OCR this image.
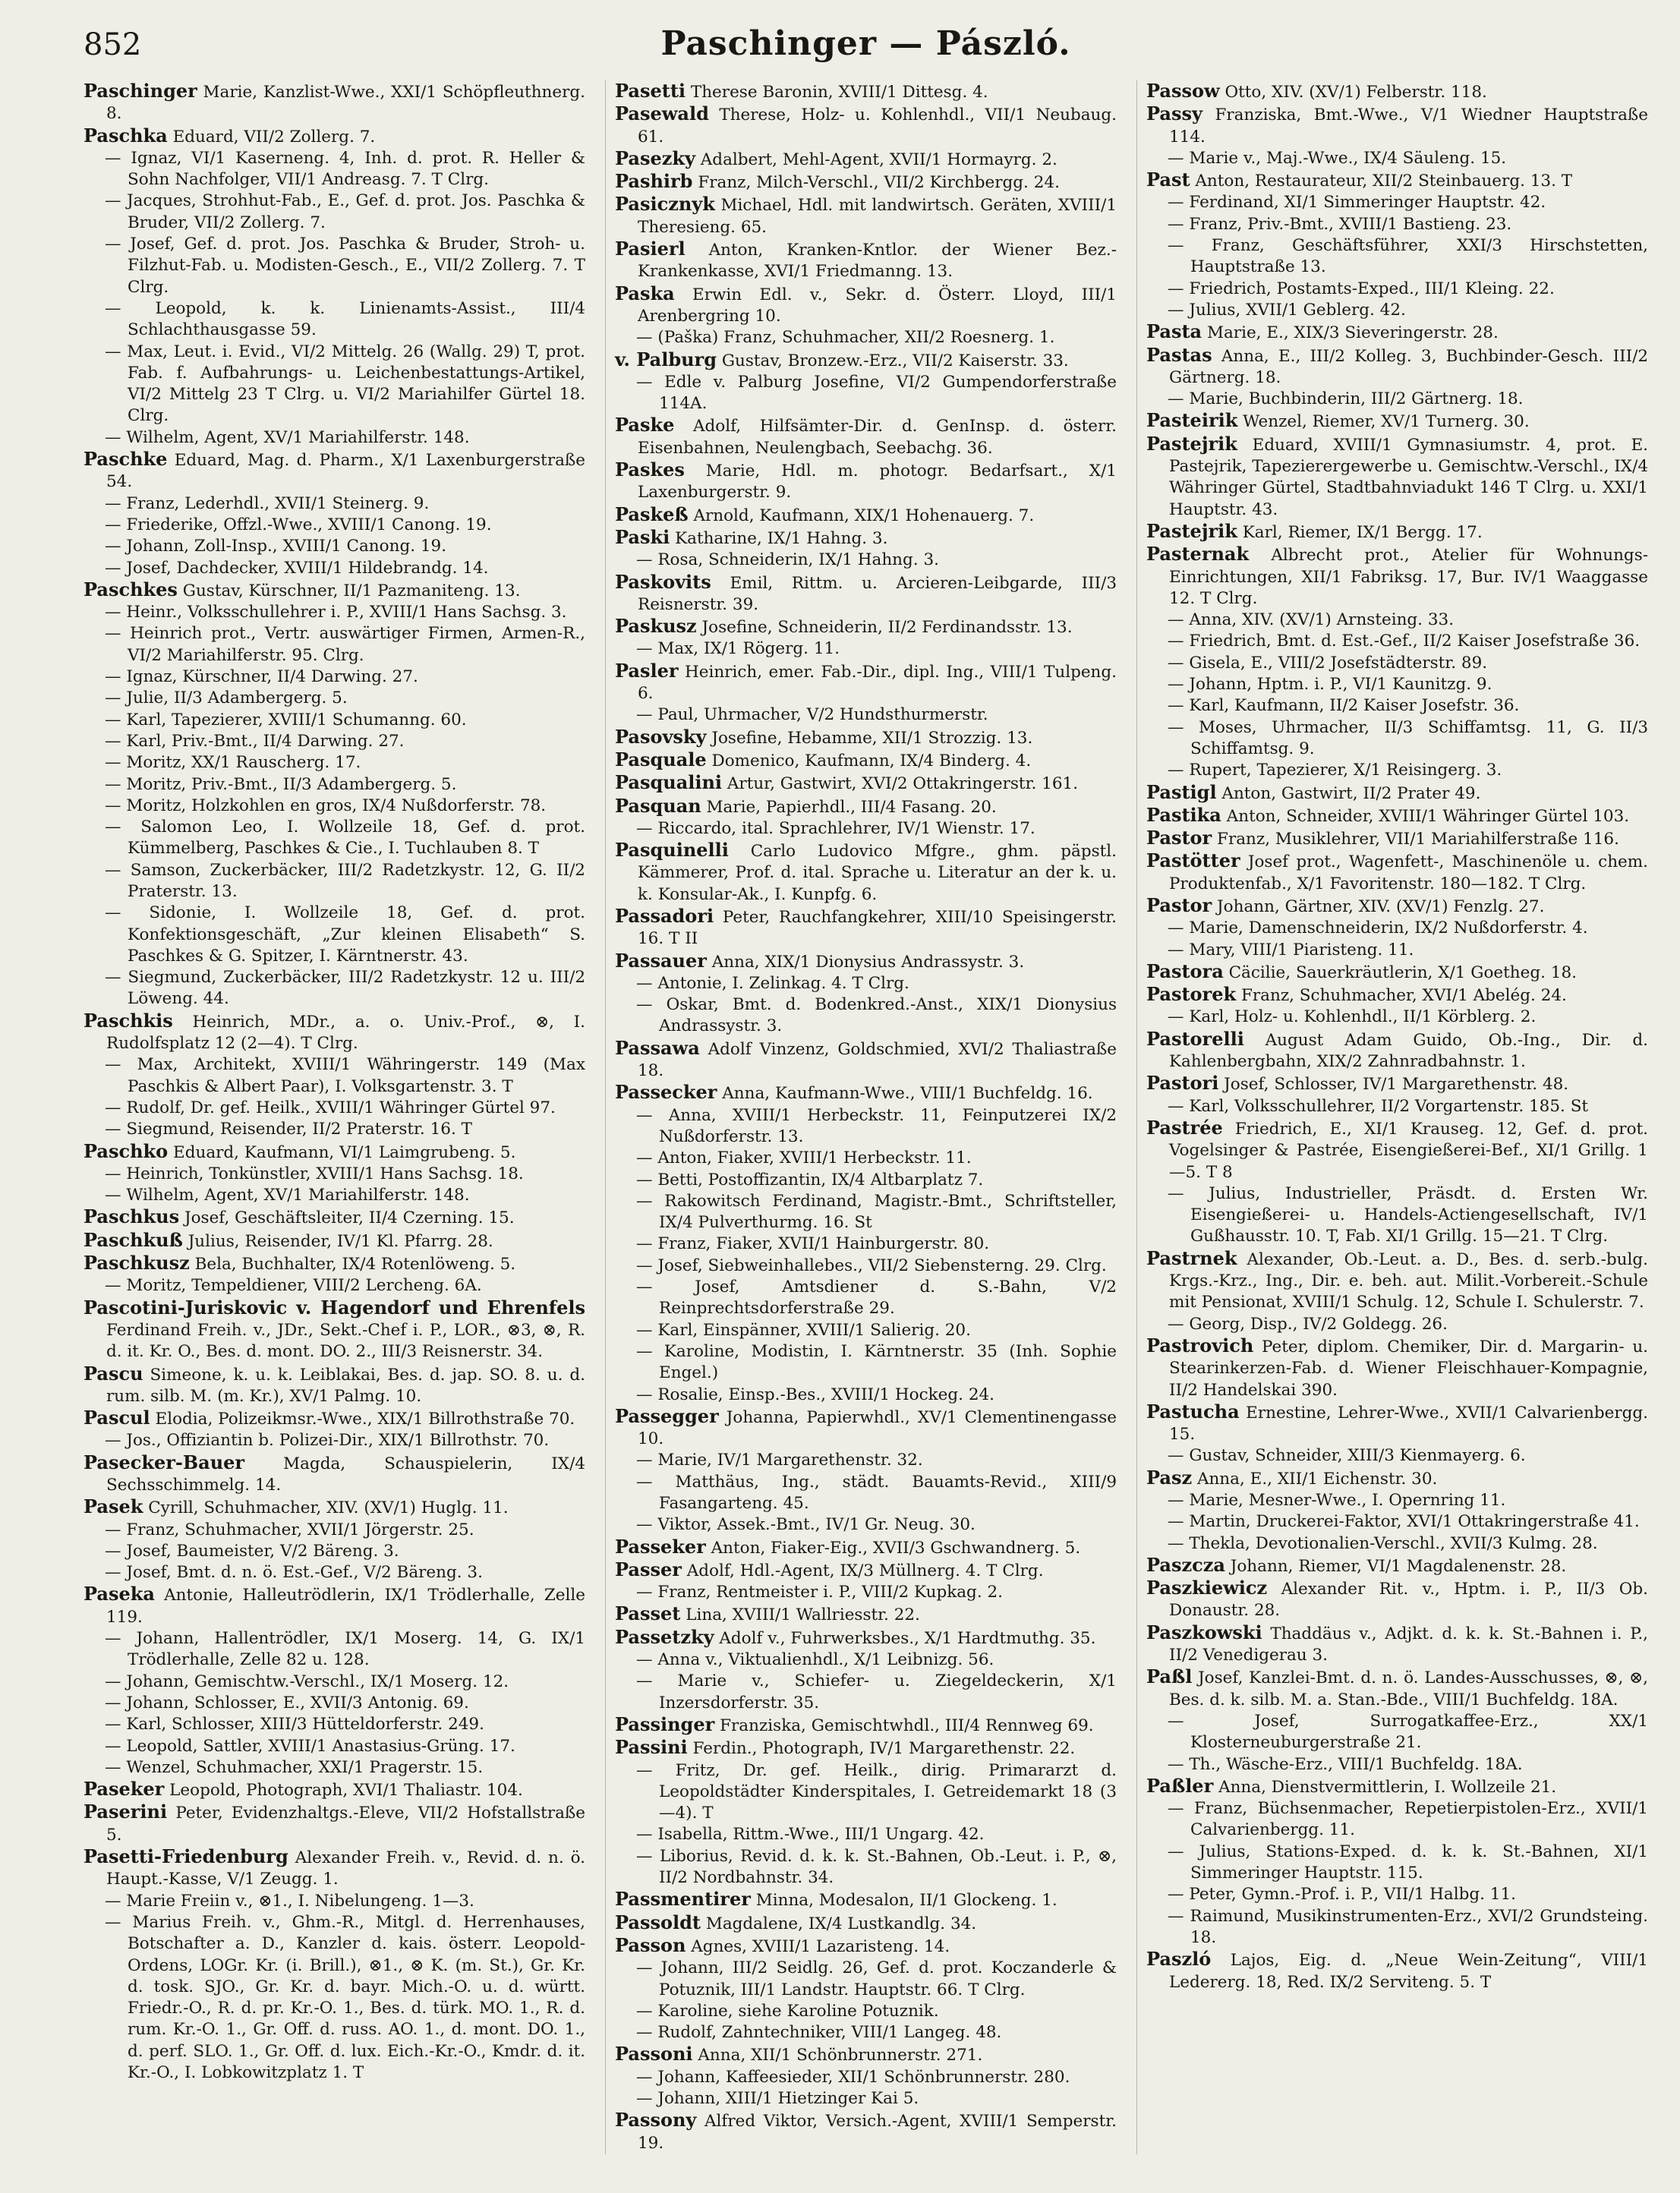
852	Paschinger — Pászló.

Paschinger Marie, Kanzlist-Wwe., XXI/1 Schöpfleuthnerg. 8.

Paschka Eduard, VII/2 Zollerg. 7.

— Ignaz, VI/1 Kaserneng. 4, Inh. d. prot. R. Heller & Sohn Nachfolger, VII/1 Andreasg. 7. T Clrg.

— Jacques, Strohhut-Fab., E., Gef. d. prot. Jos. Paschka & Bruder, VII/2 Zollerg. 7.

— Josef, Gef. d. prot. Jos. Paschka & Bruder, Stroh- u. Filzhut-Fab. u. Modisten-Gesch., E., VII/2 Zollerg. 7. T Clrg.

— Leopold, k. k. Linienamts-Assist., III/4 Schlachthausgasse 59.

— Max, Leut. i. Evid., VI/2 Mittelg. 26 (Wallg. 29) T, prot. Fab. f. Aufbahrungs- u. Leichenbestattungs-Artikel, VI/2 Mittelg 23 T Clrg. u. VI/2 Mariahilfer Gürtel 18. Clrg.

— Wilhelm, Agent, XV/1 Mariahilferstr. 148.

Paschke Eduard, Mag. d. Pharm., X/1 Laxenburgerstraße 54.

— Franz, Lederhdl., XVII/1 Steinerg. 9.

— Friederike, Offzl.-Wwe., XVIII/1 Canong. 19.

— Johann, Zoll-Insp., XVIII/1 Canong. 19.

— Josef, Dachdecker, XVIII/1 Hildebrandg. 14.

Paschkes Gustav, Kürschner, II/1 Pazmaniteng. 13.

— Heinr., Volksschullehrer i. P., XVIII/1 Hans Sachsg. 3.

— Heinrich prot., Vertr. auswärtiger Firmen, Armen-R., VI/2 Mariahilferstr. 95. Clrg.

— Ignaz, Kürschner, II/4 Darwing. 27.

— Julie, II/3 Adambergerg. 5.

— Karl, Tapezierer, XVIII/1 Schumanng. 60.

— Karl, Priv.-Bmt., II/4 Darwing. 27.

— Moritz, XX/1 Rauscherg. 17.

— Moritz, Priv.-Bmt., II/3 Adambergerg. 5.

— Moritz, Holzkohlen en gros, IX/4 Nußdorferstr. 78.

— Salomon Leo, I. Wollzeile 18, Gef. d. prot. Kümmelberg, Paschkes & Cie., I. Tuchlauben 8. T

— Samson, Zuckerbäcker, III/2 Radetzkystr. 12, G. II/2 Praterstr. 13.

— Sidonie, I. Wollzeile 18, Gef. d. prot. Konfektionsgeschäft, „Zur kleinen Elisabeth“ S. Paschkes & G. Spitzer, I. Kärntnerstr. 43.

— Siegmund, Zuckerbäcker, III/2 Radetzkystr. 12 u. III/2 Löweng. 44.

Paschkis Heinrich, MDr., a. o. Univ.-Prof., ⊗, I. Rudolfsplatz 12 (2—4). T Clrg.

— Max, Architekt, XVIII/1 Währingerstr. 149 (Max Paschkis & Albert Paar), I. Volksgartenstr. 3. T

— Rudolf, Dr. gef. Heilk., XVIII/1 Währinger Gürtel 97.

— Siegmund, Reisender, II/2 Praterstr. 16. T

Paschko Eduard, Kaufmann, VI/1 Laimgrubeng. 5.

— Heinrich, Tonkünstler, XVIII/1 Hans Sachsg. 18.

— Wilhelm, Agent, XV/1 Mariahilferstr. 148.

Paschkus Josef, Geschäftsleiter, II/4 Czerning. 15.

Paschkuß Julius, Reisender, IV/1 Kl. Pfarrg. 28.

Paschkusz Bela, Buchhalter, IX/4 Rotenlöweng. 5.

— Moritz, Tempeldiener, VIII/2 Lercheng. 6A.

Pascotini-Juriskovic v. Hagendorf und Ehrenfels Ferdinand Freih. v., JDr., Sekt.-Chef i. P., LOR., ⊗3, ⊗, R. d. it. Kr. O., Bes. d. mont. DO. 2., III/3 Reisnerstr. 34.

Pascu Simeone, k. u. k. Leiblakai, Bes. d. jap. SO. 8. u. d. rum. silb. M. (m. Kr.), XV/1 Palmg. 10.

Pascul Elodia, Polizeikmsr.-Wwe., XIX/1 Billrothstraße 70.

— Jos., Offiziantin b. Polizei-Dir., XIX/1 Billrothstr. 70.

Pasecker-Bauer Magda, Schauspielerin, IX/4 Sechsschimmelg. 14.

Pasek Cyrill, Schuhmacher, XIV. (XV/1) Huglg. 11.

— Franz, Schuhmacher, XVII/1 Jörgerstr. 25.

— Josef, Baumeister, V/2 Bäreng. 3.

— Josef, Bmt. d. n. ö. Est.-Gef., V/2 Bäreng. 3.

Paseka Antonie, Halleutrödlerin, IX/1 Trödlerhalle, Zelle 119.

— Johann, Hallentrödler, IX/1 Moserg. 14, G. IX/1 Trödlerhalle, Zelle 82 u. 128.

— Johann, Gemischtw.-Verschl., IX/1 Moserg. 12.

— Johann, Schlosser, E., XVII/3 Antonig. 69.

— Karl, Schlosser, XIII/3 Hütteldorferstr. 249.

— Leopold, Sattler, XVIII/1 Anastasius-Grüng. 17.

— Wenzel, Schuhmacher, XXI/1 Pragerstr. 15.

Paseker Leopold, Photograph, XVI/1 Thaliastr. 104.

Paserini Peter, Evidenzhaltgs.-Eleve, VII/2 Hofstallstraße 5.

Pasetti-Friedenburg Alexander Freih. v., Revid. d. n. ö. Haupt.-Kasse, V/1 Zeugg. 1.

— Marie Freiin v., ⊗1., I. Nibelungeng. 1—3.

— Marius Freih. v., Ghm.-R., Mitgl. d. Herrenhauses, Botschafter a. D., Kanzler d. kais. österr. Leopold-Ordens, LOGr. Kr. (i. Brill.), ⊗1., ⊗ K. (m. St.), Gr. Kr. d. tosk. SJO., Gr. Kr. d. bayr. Mich.-O. u. d. württ. Friedr.-O., R. d. pr. Kr.-O. 1., Bes. d. türk. MO. 1., R. d. rum. Kr.-O. 1., Gr. Off. d. russ. AO. 1., d. mont. DO. 1., d. perf. SLO. 1., Gr. Off. d. lux. Eich.-Kr.-O., Kmdr. d. it. Kr.-O., I. Lobkowitzplatz 1. T

Pasetti Therese Baronin, XVIII/1 Dittesg. 4.

Pasewald Therese, Holz- u. Kohlenhdl., VII/1 Neubaug. 61.

Pasezky Adalbert, Mehl-Agent, XVII/1 Hormayrg. 2.

Pashirb Franz, Milch-Verschl., VII/2 Kirchbergg. 24.

Pasicznyk Michael, Hdl. mit landwirtsch. Geräten, XVIII/1 Theresieng. 65.

Pasierl Anton, Kranken-Kntlor. der Wiener Bez.-Krankenkasse, XVI/1 Friedmanng. 13.

Paska Erwin Edl. v., Sekr. d. Österr. Lloyd, III/1 Arenbergring 10.

— (Paška) Franz, Schuhmacher, XII/2 Roesnerg. 1.

v. Palburg Gustav, Bronzew.-Erz., VII/2 Kaiserstr. 33.

— Edle v. Palburg Josefine, VI/2 Gumpendorferstraße 114A.

Paske Adolf, Hilfsämter-Dir. d. GenInsp. d. österr. Eisenbahnen, Neulengbach, Seebachg. 36.

Paskes Marie, Hdl. m. photogr. Bedarfsart., X/1 Laxenburgerstr. 9.

Paskeß Arnold, Kaufmann, XIX/1 Hohenauerg. 7.

Paski Katharine, IX/1 Hahng. 3.

— Rosa, Schneiderin, IX/1 Hahng. 3.

Paskovits Emil, Rittm. u. Arcieren-Leibgarde, III/3 Reisnerstr. 39.

Paskusz Josefine, Schneiderin, II/2 Ferdinandsstr. 13.

— Max, IX/1 Rögerg. 11.

Pasler Heinrich, emer. Fab.-Dir., dipl. Ing., VIII/1 Tulpeng. 6.

— Paul, Uhrmacher, V/2 Hundsthurmerstr.

Pasovsky Josefine, Hebamme, XII/1 Strozzig. 13.

Pasquale Domenico, Kaufmann, IX/4 Binderg. 4.

Pasqualini Artur, Gastwirt, XVI/2 Ottakringerstr. 161.

Pasquan Marie, Papierhdl., III/4 Fasang. 20.

— Riccardo, ital. Sprachlehrer, IV/1 Wienstr. 17.

Pasquinelli Carlo Ludovico Mfgre., ghm. päpstl. Kämmerer, Prof. d. ital. Sprache u. Literatur an der k. u. k. Konsular-Ak., I. Kunpfg. 6.

Passadori Peter, Rauchfangkehrer, XIII/10 Speisingerstr. 16. T II

Passauer Anna, XIX/1 Dionysius Andrassystr. 3.

— Antonie, I. Zelinkag. 4. T Clrg.

— Oskar, Bmt. d. Bodenkred.-Anst., XIX/1 Dionysius Andrassystr. 3.

Passawa Adolf Vinzenz, Goldschmied, XVI/2 Thaliastraße 18.

Passecker Anna, Kaufmann-Wwe., VIII/1 Buchfeldg. 16.

— Anna, XVIII/1 Herbeckstr. 11, Feinputzerei IX/2 Nußdorferstr. 13.

— Anton, Fiaker, XVIII/1 Herbeckstr. 11.

— Betti, Postoffizantin, IX/4 Altbarplatz 7.

— Rakowitsch Ferdinand, Magistr.-Bmt., Schriftsteller, IX/4 Pulverthurmg. 16. St

— Franz, Fiaker, XVII/1 Hainburgerstr. 80.

— Josef, Siebweinhallebes., VII/2 Siebensterng. 29. Clrg.

— Josef, Amtsdiener d. S.-Bahn, V/2 Reinprechtsdorferstraße 29.

— Karl, Einspänner, XVIII/1 Salierig. 20.

— Karoline, Modistin, I. Kärntnerstr. 35 (Inh. Sophie Engel.)

— Rosalie, Einsp.-Bes., XVIII/1 Hockeg. 24.

Passegger Johanna, Papierwhdl., XV/1 Clementinengasse 10.

— Marie, IV/1 Margarethenstr. 32.

— Matthäus, Ing., städt. Bauamts-Revid., XIII/9 Fasangarteng. 45.

— Viktor, Assek.-Bmt., IV/1 Gr. Neug. 30.

Passeker Anton, Fiaker-Eig., XVII/3 Gschwandnerg. 5.

Passer Adolf, Hdl.-Agent, IX/3 Müllnerg. 4. T Clrg.

— Franz, Rentmeister i. P., VIII/2 Kupkag. 2.

Passet Lina, XVIII/1 Wallriesstr. 22.

Passetzky Adolf v., Fuhrwerksbes., X/1 Hardtmuthg. 35.

— Anna v., Viktualienhdl., X/1 Leibnizg. 56.

— Marie v., Schiefer- u. Ziegeldeckerin, X/1 Inzersdorferstr. 35.

Passinger Franziska, Gemischtwhdl., III/4 Rennweg 69.

Passini Ferdin., Photograph, IV/1 Margarethenstr. 22.

— Fritz, Dr. gef. Heilk., dirig. Primararzt d. Leopoldstädter Kinderspitales, I. Getreidemarkt 18 (3—4). T

— Isabella, Rittm.-Wwe., III/1 Ungarg. 42.

— Liborius, Revid. d. k. k. St.-Bahnen, Ob.-Leut. i. P., ⊗, II/2 Nordbahnstr. 34.

Passmentirer Minna, Modesalon, II/1 Glockeng. 1.

Passoldt Magdalene, IX/4 Lustkandlg. 34.

Passon Agnes, XVIII/1 Lazaristeng. 14.

— Johann, III/2 Seidlg. 26, Gef. d. prot. Koczanderle & Potuznik, III/1 Landstr. Hauptstr. 66. T Clrg.

— Karoline, siehe Karoline Potuznik.

— Rudolf, Zahntechniker, VIII/1 Langeg. 48.

Passoni Anna, XII/1 Schönbrunnerstr. 271.

— Johann, Kaffeesieder, XII/1 Schönbrunnerstr. 280.

— Johann, XIII/1 Hietzinger Kai 5.

Passony Alfred Viktor, Versich.-Agent, XVIII/1 Semperstr. 19.

Passow Otto, XIV. (XV/1) Felberstr. 118.

Passy Franziska, Bmt.-Wwe., V/1 Wiedner Hauptstraße 114.

— Marie v., Maj.-Wwe., IX/4 Säuleng. 15.

Past Anton, Restaurateur, XII/2 Steinbauerg. 13. T

— Ferdinand, XI/1 Simmeringer Hauptstr. 42.

— Franz, Priv.-Bmt., XVIII/1 Bastieng. 23.

— Franz, Geschäftsführer, XXI/3 Hirschstetten, Hauptstraße 13.

— Friedrich, Postamts-Exped., III/1 Kleing. 22.

— Julius, XVII/1 Geblerg. 42.

Pasta Marie, E., XIX/3 Sieveringerstr. 28.

Pastas Anna, E., III/2 Kolleg. 3, Buchbinder-Gesch. III/2 Gärtnerg. 18.

— Marie, Buchbinderin, III/2 Gärtnerg. 18.

Pasteirik Wenzel, Riemer, XV/1 Turnerg. 30.

Pastejrik Eduard, XVIII/1 Gymnasiumstr. 4, prot. E. Pastejrik, Tapezierergewerbe u. Gemischtw.-Verschl., IX/4 Währinger Gürtel, Stadtbahnviadukt 146 T Clrg. u. XXI/1 Hauptstr. 43.

Pastejrik Karl, Riemer, IX/1 Bergg. 17.

Pasternak Albrecht prot., Atelier für Wohnungs-Einrichtungen, XII/1 Fabriksg. 17, Bur. IV/1 Waaggasse 12. T Clrg.

— Anna, XIV. (XV/1) Arnsteing. 33.

— Friedrich, Bmt. d. Est.-Gef., II/2 Kaiser Josefstraße 36.

— Gisela, E., VIII/2 Josefstädterstr. 89.

— Johann, Hptm. i. P., VI/1 Kaunitzg. 9.

— Karl, Kaufmann, II/2 Kaiser Josefstr. 36.

— Moses, Uhrmacher, II/3 Schiffamtsg. 11, G. II/3 Schiffamtsg. 9.

— Rupert, Tapezierer, X/1 Reisingerg. 3.

Pastigl Anton, Gastwirt, II/2 Prater 49.

Pastika Anton, Schneider, XVIII/1 Währinger Gürtel 103.

Pastor Franz, Musiklehrer, VII/1 Mariahilferstraße 116.

Pastötter Josef prot., Wagenfett-, Maschinenöle u. chem. Produktenfab., X/1 Favoritenstr. 180—182. T Clrg.

Pastor Johann, Gärtner, XIV. (XV/1) Fenzlg. 27.

— Marie, Damenschneiderin, IX/2 Nußdorferstr. 4.

— Mary, VIII/1 Piaristeng. 11.

Pastora Cäcilie, Sauerkräutlerin, X/1 Goetheg. 18.

Pastorek Franz, Schuhmacher, XVI/1 Abelég. 24.

— Karl, Holz- u. Kohlenhdl., II/1 Körblerg. 2.

Pastorelli August Adam Guido, Ob.-Ing., Dir. d. Kahlenbergbahn, XIX/2 Zahnradbahnstr. 1.

Pastori Josef, Schlosser, IV/1 Margarethenstr. 48.

— Karl, Volksschullehrer, II/2 Vorgartenstr. 185. St

Pastrée Friedrich, E., XI/1 Krauseg. 12, Gef. d. prot. Vogelsinger & Pastrée, Eisengießerei-Bef., XI/1 Grillg. 1—5. T 8

— Julius, Industrieller, Präsdt. d. Ersten Wr. Eisengießerei- u. Handels-Actiengesellschaft, IV/1 Gußhausstr. 10. T, Fab. XI/1 Grillg. 15—21. T Clrg.

Pastrnek Alexander, Ob.-Leut. a. D., Bes. d. serb.-bulg. Krgs.-Krz., Ing., Dir. e. beh. aut. Milit.-Vorbereit.-Schule mit Pensionat, XVIII/1 Schulg. 12, Schule I. Schulerstr. 7.

— Georg, Disp., IV/2 Goldegg. 26.

Pastrovich Peter, diplom. Chemiker, Dir. d. Margarin- u. Stearinkerzen-Fab. d. Wiener Fleischhauer-Kompagnie, II/2 Handelskai 390.

Pastucha Ernestine, Lehrer-Wwe., XVII/1 Calvarienbergg. 15.

— Gustav, Schneider, XIII/3 Kienmayerg. 6.

Pasz Anna, E., XII/1 Eichenstr. 30.

— Marie, Mesner-Wwe., I. Opernring 11.

— Martin, Druckerei-Faktor, XVI/1 Ottakringerstraße 41.

— Thekla, Devotionalien-Verschl., XVII/3 Kulmg. 28.

Paszcza Johann, Riemer, VI/1 Magdalenenstr. 28.

Paszkiewicz Alexander Rit. v., Hptm. i. P., II/3 Ob. Donaustr. 28.

Paszkowski Thaddäus v., Adjkt. d. k. k. St.-Bahnen i. P., II/2 Venedigerau 3.

Paßl Josef, Kanzlei-Bmt. d. n. ö. Landes-Ausschusses, ⊗, ⊗, Bes. d. k. silb. M. a. Stan.-Bde., VIII/1 Buchfeldg. 18A.

— Josef, Surrogatkaffee-Erz., XX/1 Klosterneuburgerstraße 21.

— Th., Wäsche-Erz., VIII/1 Buchfeldg. 18A.

Paßler Anna, Dienstvermittlerin, I. Wollzeile 21.

— Franz, Büchsenmacher, Repetierpistolen-Erz., XVII/1 Calvarienbergg. 11.

— Julius, Stations-Exped. d. k. k. St.-Bahnen, XI/1 Simmeringer Hauptstr. 115.

— Peter, Gymn.-Prof. i. P., VII/1 Halbg. 11.

— Raimund, Musikinstrumenten-Erz., XVI/2 Grundsteing. 18.

Paszló Lajos, Eig. d. „Neue Wein-Zeitung“, VIII/1 Ledererg. 18, Red. IX/2 Serviteng. 5. T
